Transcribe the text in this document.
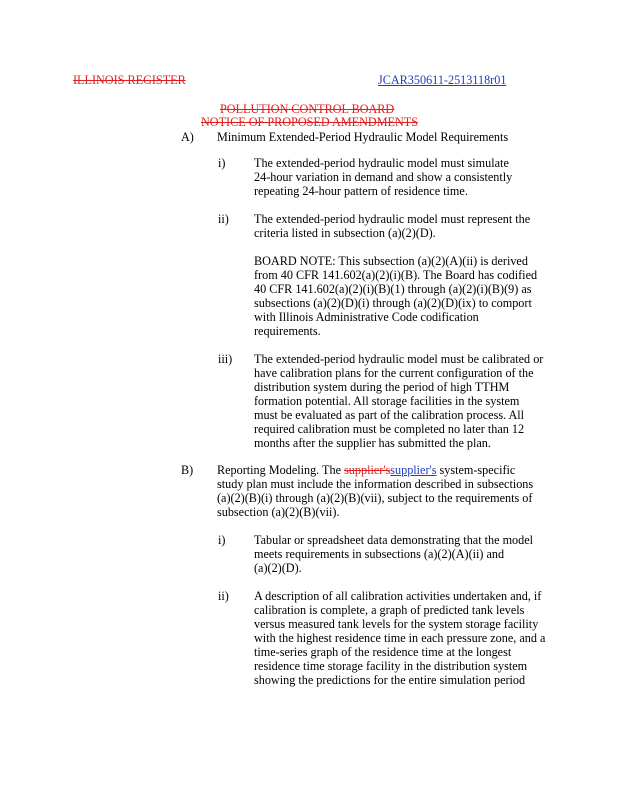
ILLINOIS REGISTER	JCAR350611-2513118r01
POLLUTION CONTROL BOARD
NOTICE OF PROPOSED AMENDMENTS
A) Minimum Extended-Period Hydraulic Model Requirements
i) The extended-period hydraulic model must simulate
24-hour variation in demand and show a consistently
repeating 24-hour pattern of residence time.
ii) The extended-period hydraulic model must represent the
criteria listed in subsection (a)(2)(D).
BOARD NOTE: This subsection (a)(2)(A)(ii) is derived
from 40 CFR 141.602(a)(2)(i)(B). The Board has codified
40 CFR 141.602(a)(2)(i)(B)(1) through (a)(2)(i)(B)(9) as
subsections (a)(2)(D)(i) through (a)(2)(D)(ix) to comport
with Illinois Administrative Code codification
requirements.
iii) The extended-period hydraulic model must be calibrated or
have calibration plans for the current configuration of the
distribution system during the period of high TTHM
formation potential. All storage facilities in the system
must be evaluated as part of the calibration process. All
required calibration must be completed no later than 12
months after the supplier has submitted the plan.
B) Reporting Modeling. The supplier'ssupplier's system-specific
study plan must include the information described in subsections
(a)(2)(B)(i) through (a)(2)(B)(vii), subject to the requirements of
subsection (a)(2)(B)(vii).
i) Tabular or spreadsheet data demonstrating that the model
meets requirements in subsections (a)(2)(A)(ii) and
(a)(2)(D).
ii) A description of all calibration activities undertaken and, if
calibration is complete, a graph of predicted tank levels
versus measured tank levels for the system storage facility
with the highest residence time in each pressure zone, and a
time-series graph of the residence time at the longest
residence time storage facility in the distribution system
showing the predictions for the entire simulation period
